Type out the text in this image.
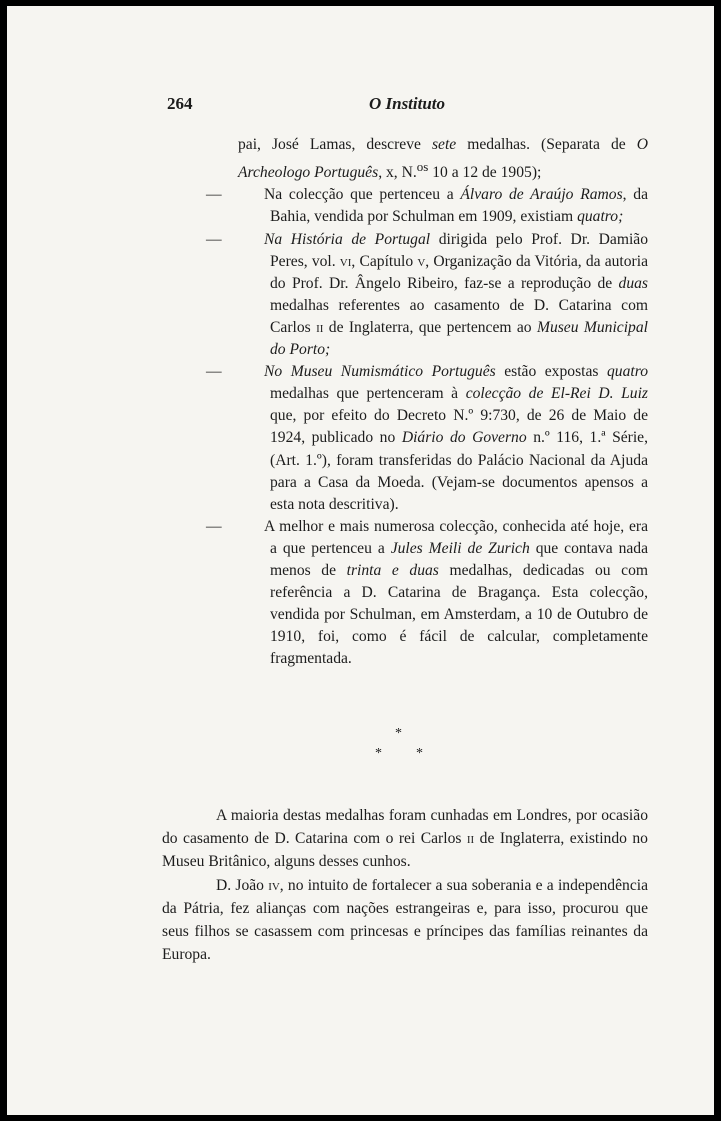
264	O Instituto

pai, José Lamas, descreve sete medalhas. (Separata de O Archeologo Português, x, N.$^{os}$ 10 a 12 de 1905);

—	Na colecção que pertenceu a Álvaro de Araújo Ramos, da Bahia, vendida por Schulman em 1909, existiam quatro;

—	Na História de Portugal dirigida pelo Prof. Dr. Damião Peres, vol. vi, Capítulo v, Organização da Vitória, da autoria do Prof. Dr. Ângelo Ribeiro, faz-se a reprodução de duas medalhas referentes ao casamento de D. Catarina com Carlos ii de Inglaterra, que pertencem ao Museu Municipal do Porto;

—	No Museu Numismático Português estão expostas quatro medalhas que pertenceram à colecção de El-Rei D. Luiz que, por efeito do Decreto N.º 9:730, de 26 de Maio de 1924, publicado no Diário do Governo n.º 116, 1.ª Série, (Art. 1.º), foram transferidas do Palácio Nacional da Ajuda para a Casa da Moeda. (Vejam-se documentos apensos a esta nota descritiva).

—	A melhor e mais numerosa colecção, conhecida até hoje, era a que pertenceu a Jules Meili de Zurich que contava nada menos de trinta e duas medalhas, dedicadas ou com referência a D. Catarina de Bragança. Esta colecção, vendida por Schulman, em Amsterdam, a 10 de Outubro de 1910, foi, como é fácil de calcular, completamente fragmentada.

*
* *

A maioria destas medalhas foram cunhadas em Londres, por ocasião do casamento de D. Catarina com o rei Carlos ii de Inglaterra, existindo no Museu Britânico, alguns desses cunhos.

D. João iv, no intuito de fortalecer a sua soberania e a independência da Pátria, fez alianças com nações estrangeiras e, para isso, procurou que seus filhos se casassem com princesas e príncipes das famílias reinantes da Europa.
